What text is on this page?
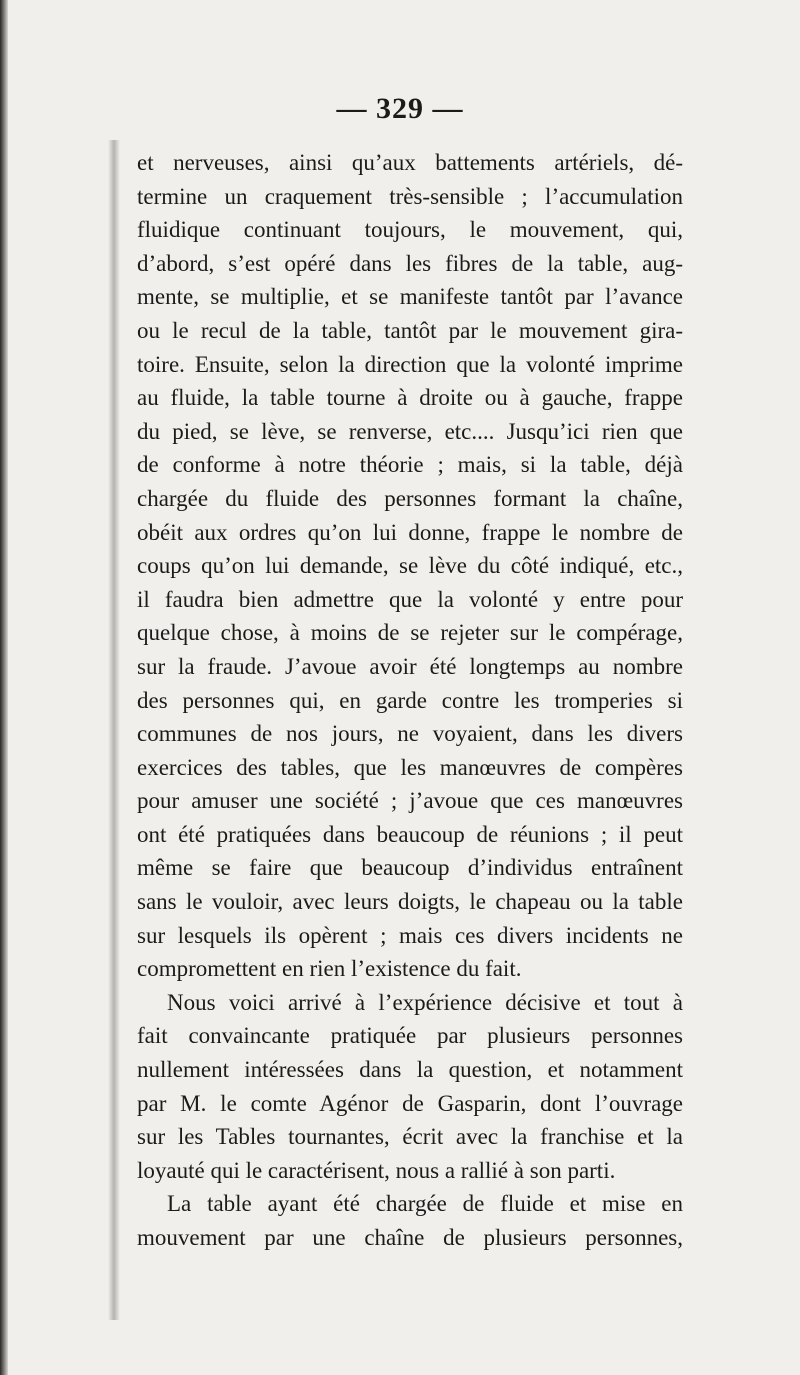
— 329 —
et nerveuses, ainsi qu’aux battements artériels, dé-
termine un craquement très-sensible ; l’accumulation
fluidique continuant toujours, le mouvement, qui,
d’abord, s’est opéré dans les fibres de la table, aug-
mente, se multiplie, et se manifeste tantôt par l’avance
ou le recul de la table, tantôt par le mouvement gira-
toire. Ensuite, selon la direction que la volonté imprime
au fluide, la table tourne à droite ou à gauche, frappe
du pied, se lève, se renverse, etc.... Jusqu’ici rien que
de conforme à notre théorie ; mais, si la table, déjà
chargée du fluide des personnes formant la chaîne,
obéit aux ordres qu’on lui donne, frappe le nombre de
coups qu’on lui demande, se lève du côté indiqué, etc.,
il faudra bien admettre que la volonté y entre pour
quelque chose, à moins de se rejeter sur le compérage,
sur la fraude. J’avoue avoir été longtemps au nombre
des personnes qui, en garde contre les tromperies si
communes de nos jours, ne voyaient, dans les divers
exercices des tables, que les manœuvres de compères
pour amuser une société ; j’avoue que ces manœuvres
ont été pratiquées dans beaucoup de réunions ; il peut
même se faire que beaucoup d’individus entraînent
sans le vouloir, avec leurs doigts, le chapeau ou la table
sur lesquels ils opèrent ; mais ces divers incidents ne
compromettent en rien l’existence du fait.
Nous voici arrivé à l’expérience décisive et tout à
fait convaincante pratiquée par plusieurs personnes
nullement intéressées dans la question, et notamment
par M. le comte Agénor de Gasparin, dont l’ouvrage
sur les Tables tournantes, écrit avec la franchise et la
loyauté qui le caractérisent, nous a rallié à son parti.
La table ayant été chargée de fluide et mise en
mouvement par une chaîne de plusieurs personnes,
